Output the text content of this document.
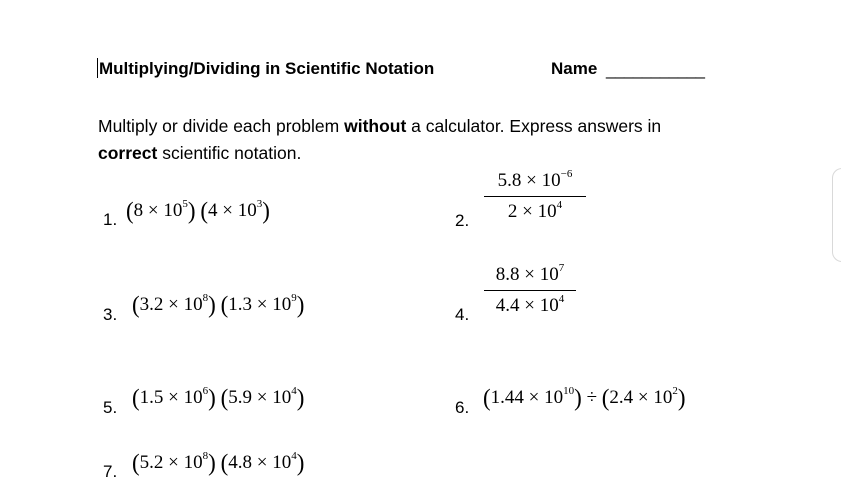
Multiplying/Dividing in Scientific Notation	Name ___________
Multiply or divide each problem without a calculator. Express answers in
correct scientific notation.
1. $(8 \times 10^5)$ $(4 \times 10^3)$	2.
$5.8 \times 10^{-6}$
$2 \times 10^4$
3. $(3.2 \times 10^8)$ $(1.3 \times 10^9)$	4.
$8.8 \times 10^7$
$4.4 \times 10^4$
5. $(1.5 \times 10^6)$ $(5.9 \times 10^4)$	6. $(1.44 \times 10^{10}) \div (2.4 \times 10^2)$
7. $(5.2 \times 10^8)$ $(4.8 \times 10^4)$
